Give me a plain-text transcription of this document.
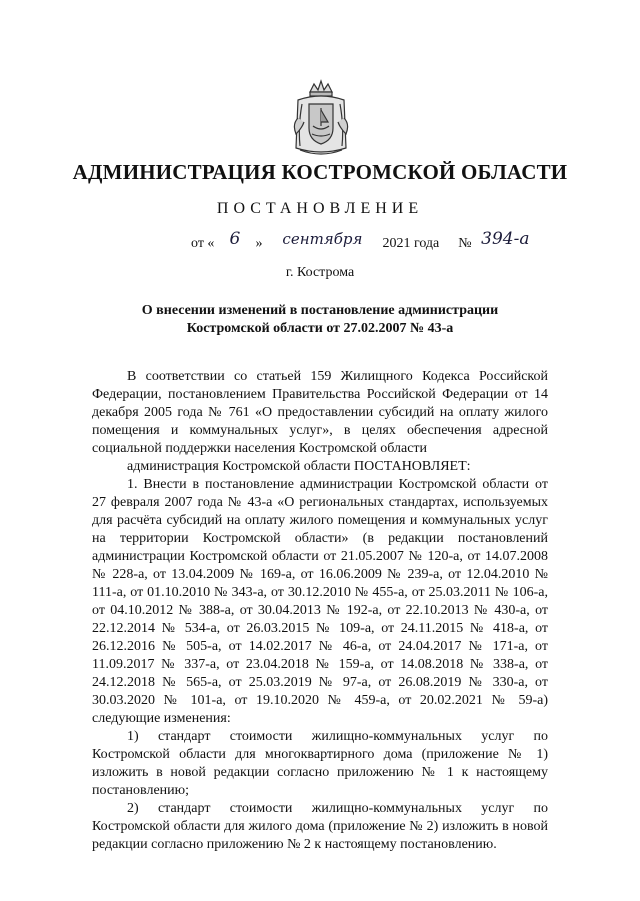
АДМИНИСТРАЦИЯ КОСТРОМСКОЙ ОБЛАСТИ
ПОСТАНОВЛЕНИЕ
от « 6 » сентября 2021 года № 394-а
г. Кострома
О внесении изменений в постановление администрации
Костромской области от 27.02.2007 № 43-а

В соответствии со статьей 159 Жилищного Кодекса Российской Федерации, постановлением Правительства Российской Федерации от 14 декабря 2005 года № 761 «О предоставлении субсидий на оплату жилого помещения и коммунальных услуг», в целях обеспечения адресной социальной поддержки населения Костромской области

администрация Костромской области ПОСТАНОВЛЯЕТ:

1. Внести в постановление администрации Костромской области от 27 февраля 2007 года № 43-а «О региональных стандартах, используемых для расчёта субсидий на оплату жилого помещения и коммунальных услуг на территории Костромской области» (в редакции постановлений администрации Костромской области от 21.05.2007 № 120-а, от 14.07.2008 № 228-а, от 13.04.2009 № 169-а, от 16.06.2009 № 239-а, от 12.04.2010 № 111-а, от 01.10.2010 № 343-а, от 30.12.2010 № 455-а, от 25.03.2011 № 106-а, от 04.10.2012 № 388-а, от 30.04.2013 № 192-а, от 22.10.2013 № 430-а, от 22.12.2014 № 534-а, от 26.03.2015 № 109-а, от 24.11.2015 № 418-а, от 26.12.2016 № 505-а, от 14.02.2017 № 46-а, от 24.04.2017 № 171-а, от 11.09.2017 № 337-а, от 23.04.2018 № 159-а, от 14.08.2018 № 338-а, от 24.12.2018 № 565-а, от 25.03.2019 № 97-а, от 26.08.2019 № 330-а, от 30.03.2020 № 101-а, от 19.10.2020 № 459-а, от 20.02.2021 № 59-а) следующие изменения:

1) стандарт стоимости жилищно-коммунальных услуг по Костромской области для многоквартирного дома (приложение № 1) изложить в новой редакции согласно приложению № 1 к настоящему постановлению;

2) стандарт стоимости жилищно-коммунальных услуг по Костромской области для жилого дома (приложение № 2) изложить в новой редакции согласно приложению № 2 к настоящему постановлению.
